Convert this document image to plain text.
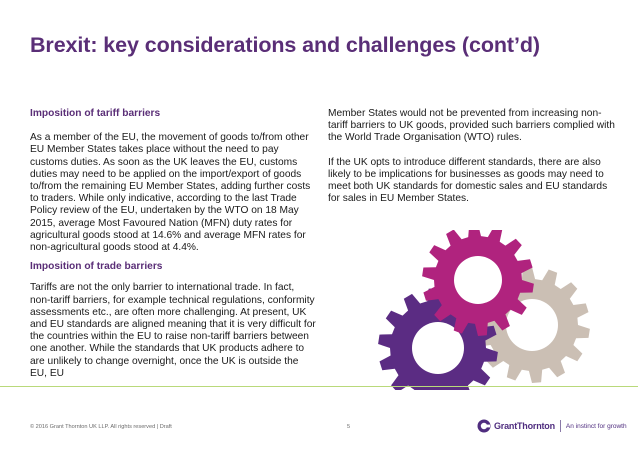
Brexit: key considerations and challenges (cont’d)
Imposition of tariff barriers

As a member of the EU, the movement of goods to/from other EU Member States takes place without the need to pay customs duties. As soon as the UK leaves the EU, customs duties may need to be applied on the import/export of goods to/from the remaining EU Member States, adding further costs to traders. While only indicative, according to the last Trade Policy review of the EU, undertaken by the WTO on 18 May 2015, average Most Favoured Nation (MFN) duty rates for agricultural goods stood at 14.6% and average MFN rates for non-agricultural goods stood at 4.4%.

Imposition of trade barriers

Tariffs are not the only barrier to international trade. In fact, non-tariff barriers, for example technical regulations, conformity assessments etc., are often more challenging. At present, UK and EU standards are aligned meaning that it is very difficult for the countries within the EU to raise non-tariff barriers between one another. While the standards that UK products adhere to are unlikely to change overnight, once the UK is outside the EU, EU

Member States would not be prevented from increasing non-tariff barriers to UK goods, provided such barriers complied with the World Trade Organisation (WTO) rules.

If the UK opts to introduce different standards, there are also likely to be implications for businesses as goods may need to meet both UK standards for domestic sales and EU standards for sales in EU Member States.

© 2016 Grant Thornton UK LLP. All rights reserved | Draft	5	GrantThornton An instinct for growth
